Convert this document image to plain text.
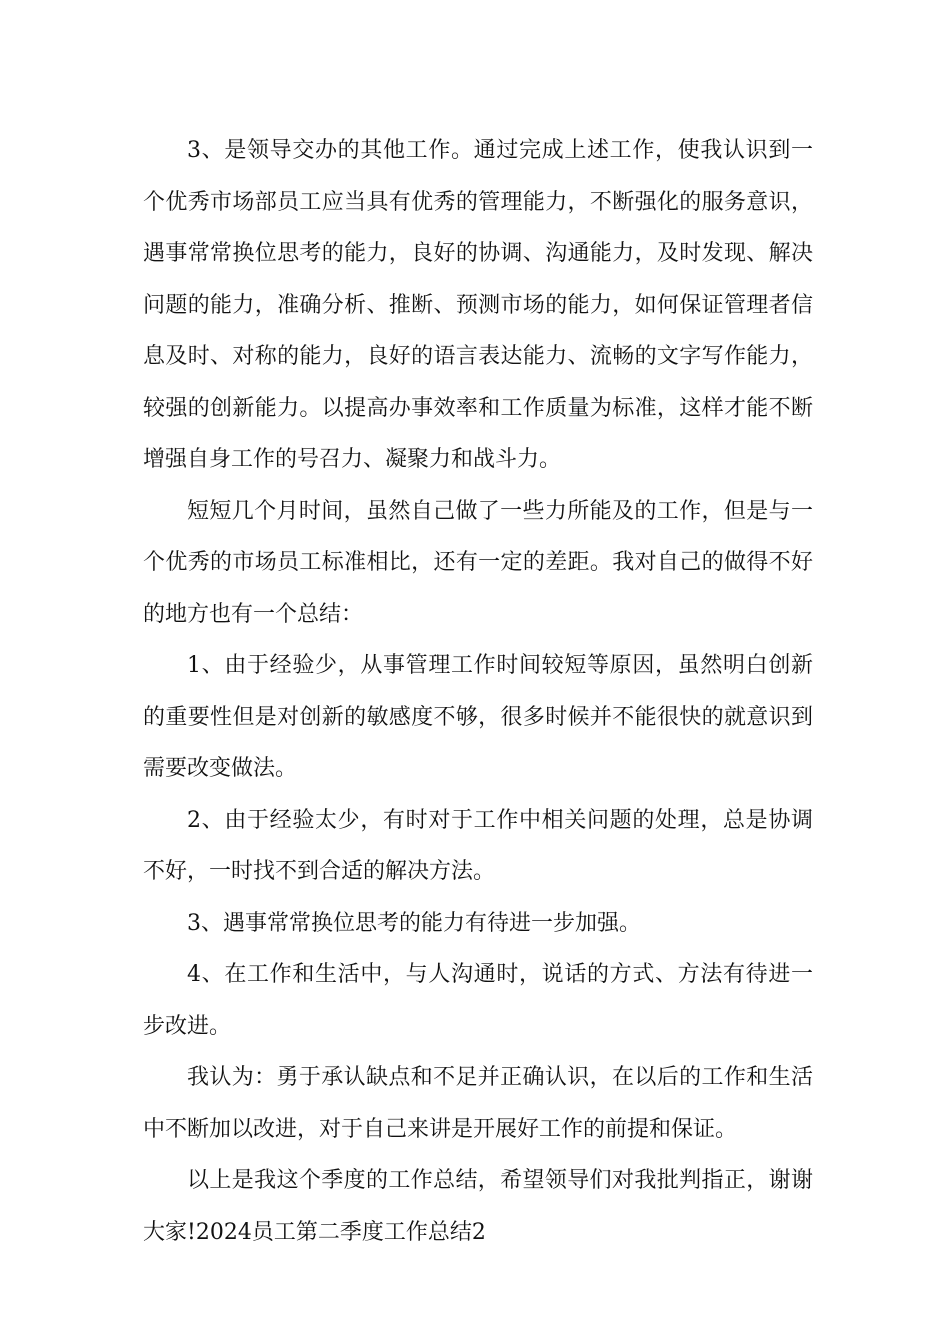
3、是领导交办的其他工作。通过完成上述工作，使我认识到一个优秀市场部员工应当具有优秀的管理能力，不断强化的服务意识，遇事常常换位思考的能力，良好的协调、沟通能力，及时发现、解决问题的能力，准确分析、推断、预测市场的能力，如何保证管理者信息及时、对称的能力，良好的语言表达能力、流畅的文字写作能力，较强的创新能力。以提高办事效率和工作质量为标准，这样才能不断增强自身工作的号召力、凝聚力和战斗力。

短短几个月时间，虽然自己做了一些力所能及的工作，但是与一个优秀的市场员工标准相比，还有一定的差距。我对自己的做得不好的地方也有一个总结：

1、由于经验少，从事管理工作时间较短等原因，虽然明白创新的重要性但是对创新的敏感度不够，很多时候并不能很快的就意识到需要改变做法。

2、由于经验太少，有时对于工作中相关问题的处理，总是协调不好，一时找不到合适的解决方法。

3、遇事常常换位思考的能力有待进一步加强。

4、在工作和生活中，与人沟通时，说话的方式、方法有待进一步改进。

我认为：勇于承认缺点和不足并正确认识，在以后的工作和生活中不断加以改进，对于自己来讲是开展好工作的前提和保证。

以上是我这个季度的工作总结，希望领导们对我批判指正，谢谢大家!2024员工第二季度工作总结2
